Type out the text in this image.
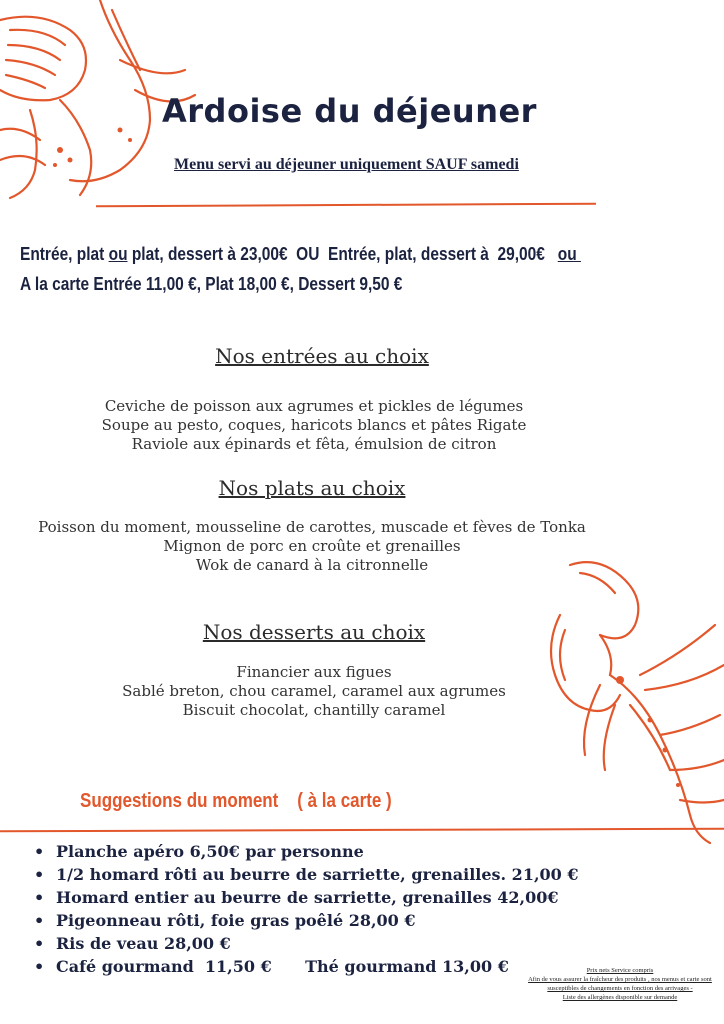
Ardoise du déjeuner
Menu servi au déjeuner uniquement SAUF samedi
Entrée, plat ou plat, dessert à 23,00€  OU  Entrée, plat, dessert à  29,00€   ou
A la carte Entrée 11,00 €, Plat 18,00 €, Dessert 9,50 €
Nos entrées au choix
Ceviche de poisson aux agrumes et pickles de légumes
Soupe au pesto, coques, haricots blancs et pâtes Rigate
Raviole aux épinards et fêta, émulsion de citron
Nos plats au choix
Poisson du moment, mousseline de carottes, muscade et fèves de Tonka
Mignon de porc en croûte et grenailles
Wok de canard à la citronnelle
Nos desserts au choix
Financier aux figues
Sablé breton, chou caramel, caramel aux agrumes
Biscuit chocolat, chantilly caramel
Suggestions du moment    ( à la carte )
• Planche apéro 6,50€ par personne
• 1/2 homard rôti au beurre de sarriette, grenailles. 21,00 €
• Homard entier au beurre de sarriette, grenailles 42,00€
• Pigeonneau rôti, foie gras poêlé 28,00 €
• Ris de veau 28,00 €
• Café gourmand  11,50 €      Thé gourmand 13,00 €	Prix nets Service compris
Afin de vous assurer la fraîcheur des produits , nos menus et carte sont
susceptibles de changements en fonction des arrivages -
Liste des allergènes disponible sur demande
